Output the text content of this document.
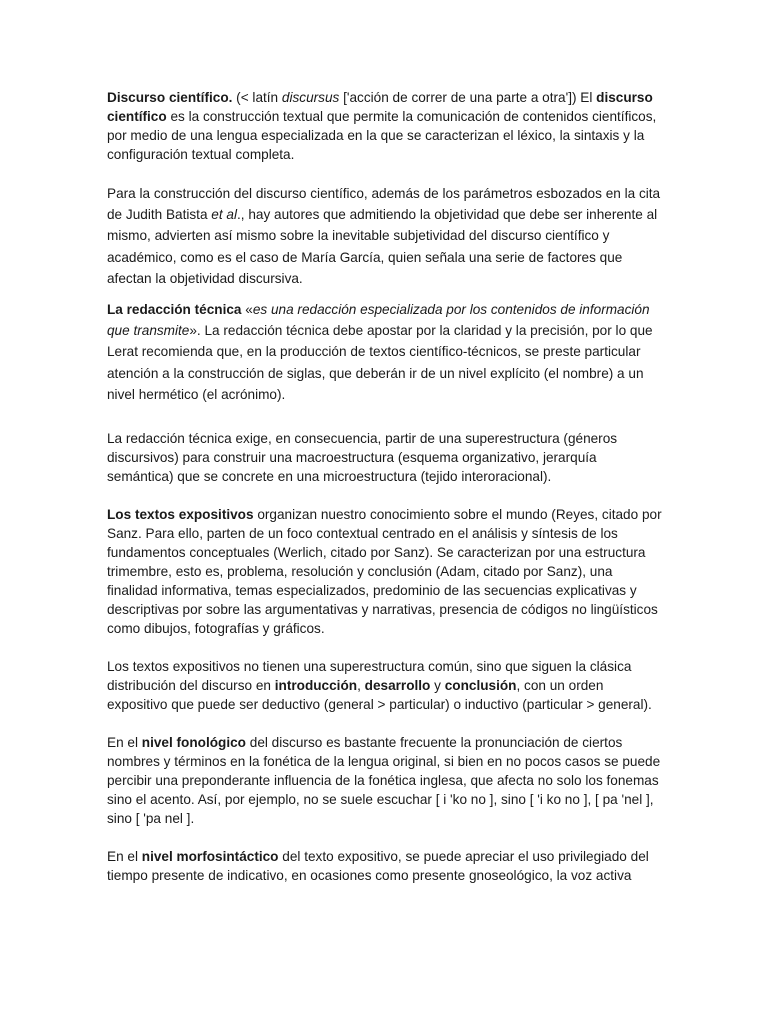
Discurso científico. (< latín discursus ['acción de correr de una parte a otra']) El discurso científico es la construcción textual que permite la comunicación de contenidos científicos, por medio de una lengua especializada en la que se caracterizan el léxico, la sintaxis y la configuración textual completa.

Para la construcción del discurso científico, además de los parámetros esbozados en la cita de Judith Batista et al., hay autores que admitiendo la objetividad que debe ser inherente al mismo, advierten así mismo sobre la inevitable subjetividad del discurso científico y académico, como es el caso de María García, quien señala una serie de factores que afectan la objetividad discursiva.

La redacción técnica «es una redacción especializada por los contenidos de información que transmite». La redacción técnica debe apostar por la claridad y la precisión, por lo que Lerat recomienda que, en la producción de textos científico-técnicos, se preste particular atención a la construcción de siglas, que deberán ir de un nivel explícito (el nombre) a un nivel hermético (el acrónimo).

La redacción técnica exige, en consecuencia, partir de una superestructura (géneros discursivos) para construir una macroestructura (esquema organizativo, jerarquía semántica) que se concrete en una microestructura (tejido interoracional).

Los textos expositivos organizan nuestro conocimiento sobre el mundo (Reyes, citado por Sanz. Para ello, parten de un foco contextual centrado en el análisis y síntesis de los fundamentos conceptuales (Werlich, citado por Sanz). Se caracterizan por una estructura trimembre, esto es, problema, resolución y conclusión (Adam, citado por Sanz), una finalidad informativa, temas especializados, predominio de las secuencias explicativas y descriptivas por sobre las argumentativas y narrativas, presencia de códigos no lingüísticos como dibujos, fotografías y gráficos.

Los textos expositivos no tienen una superestructura común, sino que siguen la clásica distribución del discurso en introducción, desarrollo y conclusión, con un orden expositivo que puede ser deductivo (general > particular) o inductivo (particular > general).

En el nivel fonológico del discurso es bastante frecuente la pronunciación de ciertos nombres y términos en la fonética de la lengua original, si bien en no pocos casos se puede percibir una preponderante influencia de la fonética inglesa, que afecta no solo los fonemas sino el acento. Así, por ejemplo, no se suele escuchar [ i 'ko no ], sino [ 'i ko no ], [ pa 'nel ], sino [ 'pa nel ].

En el nivel morfosintáctico del texto expositivo, se puede apreciar el uso privilegiado del tiempo presente de indicativo, en ocasiones como presente gnoseológico, la voz activa
